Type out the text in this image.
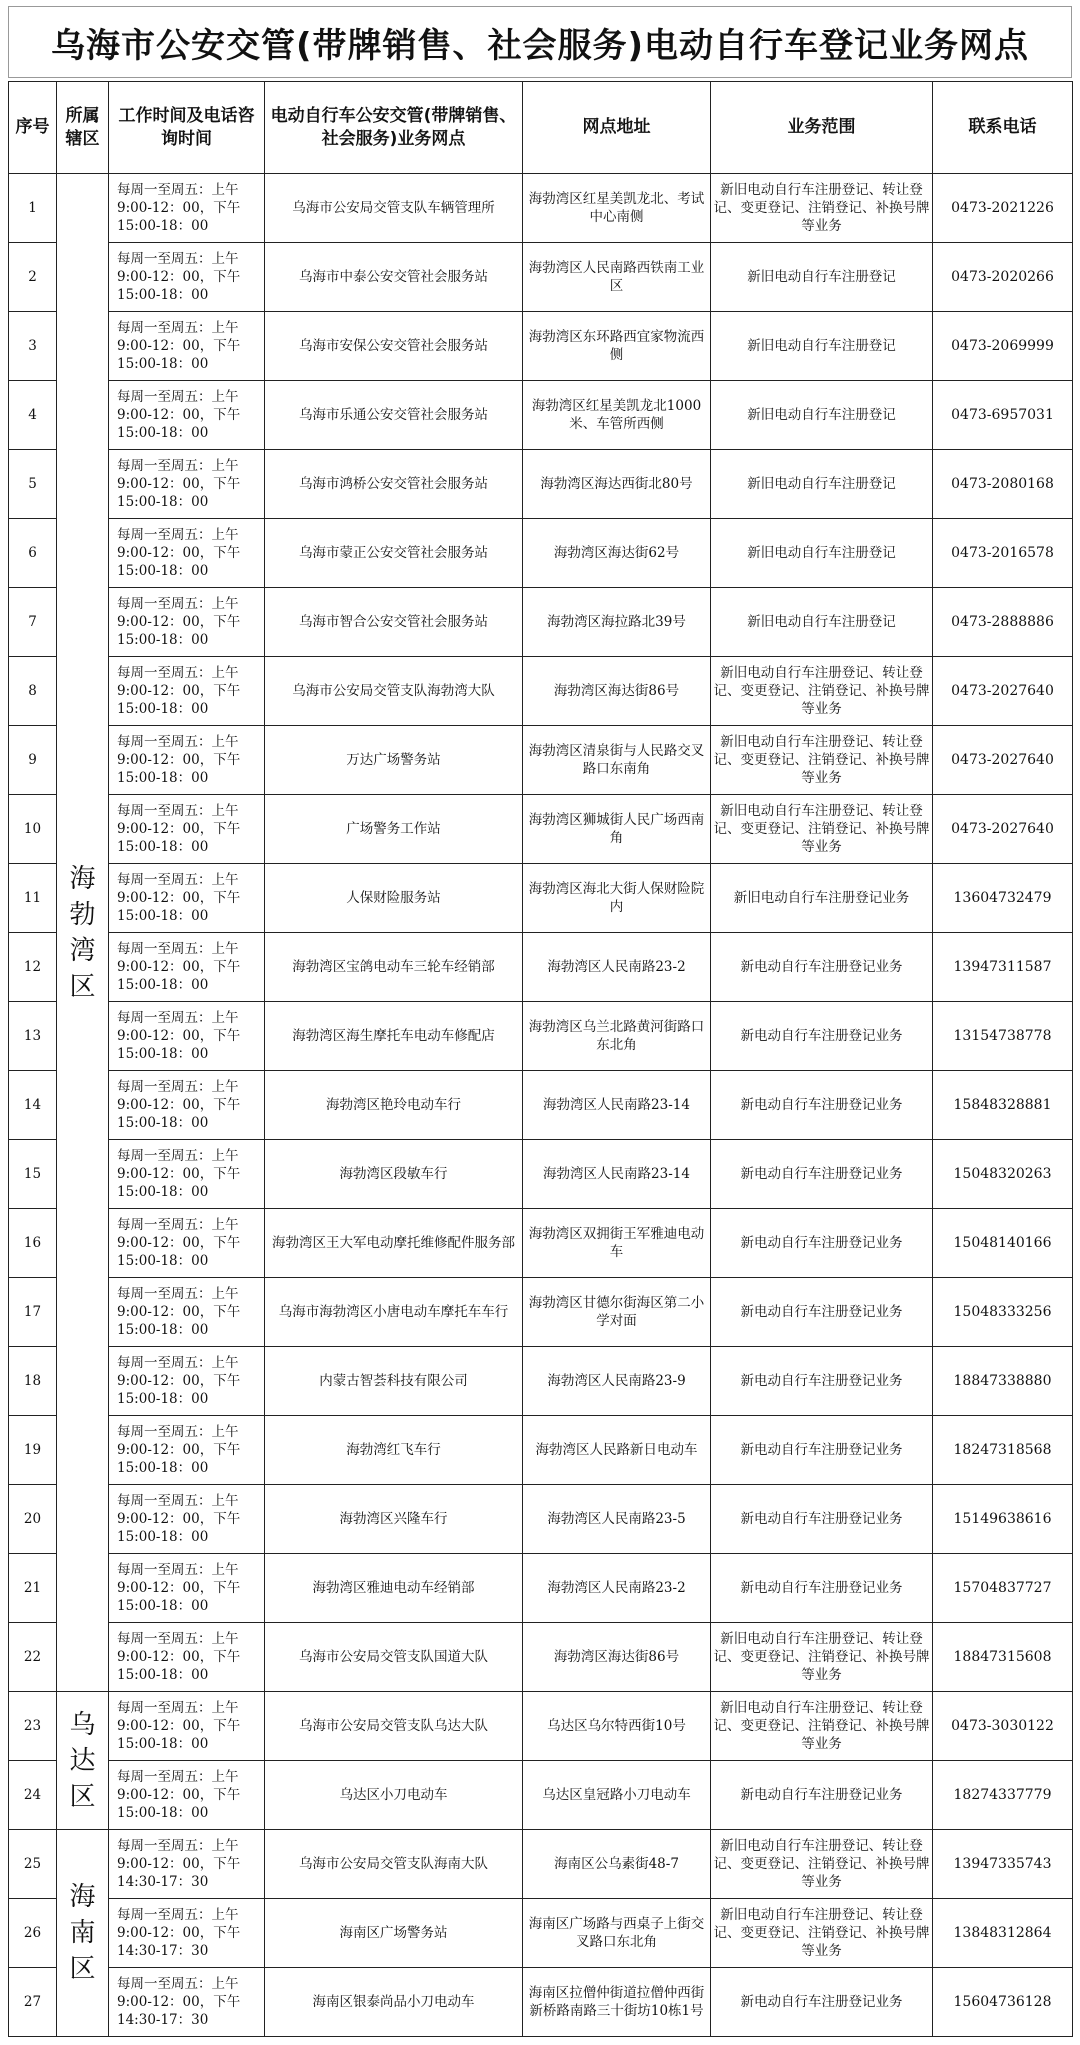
乌海市公安交管(带牌销售、社会服务)电动自行车登记业务网点
序号	所属辖区	工作时间及电话咨询时间	电动自行车公安交管(带牌销售、社会服务)业务网点	网点地址	业务范围	联系电话
1	海勃湾区	每周一至周五：上午9:00-12：00，下午15:00-18：00	乌海市公安局交管支队车辆管理所	海勃湾区红星美凯龙北、考试中心南侧	新旧电动自行车注册登记、转让登记、变更登记、注销登记、补换号牌等业务	0473-2021226
2		每周一至周五：上午9:00-12：00，下午15:00-18：00	乌海市中泰公安交管社会服务站	海勃湾区人民南路西铁南工业区	新旧电动自行车注册登记	0473-2020266
3		每周一至周五：上午9:00-12：00，下午15:00-18：00	乌海市安保公安交管社会服务站	海勃湾区东环路西宜家物流西侧	新旧电动自行车注册登记	0473-2069999
4		每周一至周五：上午9:00-12：00，下午15:00-18：00	乌海市乐通公安交管社会服务站	海勃湾区红星美凯龙北1000米、车管所西侧	新旧电动自行车注册登记	0473-6957031
5		每周一至周五：上午9:00-12：00，下午15:00-18：00	乌海市鸿桥公安交管社会服务站	海勃湾区海达西街北80号	新旧电动自行车注册登记	0473-2080168
6		每周一至周五：上午9:00-12：00，下午15:00-18：00	乌海市蒙正公安交管社会服务站	海勃湾区海达街62号	新旧电动自行车注册登记	0473-2016578
7		每周一至周五：上午9:00-12：00，下午15:00-18：00	乌海市智合公安交管社会服务站	海勃湾区海拉路北39号	新旧电动自行车注册登记	0473-2888886
8		每周一至周五：上午9:00-12：00，下午15:00-18：00	乌海市公安局交管支队海勃湾大队	海勃湾区海达街86号	新旧电动自行车注册登记、转让登记、变更登记、注销登记、补换号牌等业务	0473-2027640
9		每周一至周五：上午9:00-12：00，下午15:00-18：00	万达广场警务站	海勃湾区清泉街与人民路交叉路口东南角	新旧电动自行车注册登记、转让登记、变更登记、注销登记、补换号牌等业务	0473-2027640
10		每周一至周五：上午9:00-12：00，下午15:00-18：00	广场警务工作站	海勃湾区狮城街人民广场西南角	新旧电动自行车注册登记、转让登记、变更登记、注销登记、补换号牌等业务	0473-2027640
11		每周一至周五：上午9:00-12：00，下午15:00-18：00	人保财险服务站	海勃湾区海北大街人保财险院内	新旧电动自行车注册登记业务	13604732479
12		每周一至周五：上午9:00-12：00，下午15:00-18：00	海勃湾区宝鸽电动车三轮车经销部	海勃湾区人民南路23-2	新电动自行车注册登记业务	13947311587
13		每周一至周五：上午9:00-12：00，下午15:00-18：00	海勃湾区海生摩托车电动车修配店	海勃湾区乌兰北路黄河街路口东北角	新电动自行车注册登记业务	13154738778
14		每周一至周五：上午9:00-12：00，下午15:00-18：00	海勃湾区艳玲电动车行	海勃湾区人民南路23-14	新电动自行车注册登记业务	15848328881
15		每周一至周五：上午9:00-12：00，下午15:00-18：00	海勃湾区段敏车行	海勃湾区人民南路23-14	新电动自行车注册登记业务	15048320263
16		每周一至周五：上午9:00-12：00，下午15:00-18：00	海勃湾区王大军电动摩托维修配件服务部	海勃湾区双拥街王军雅迪电动车	新电动自行车注册登记业务	15048140166
17		每周一至周五：上午9:00-12：00，下午15:00-18：00	乌海市海勃湾区小唐电动车摩托车车行	海勃湾区甘德尔街海区第二小学对面	新电动自行车注册登记业务	15048333256
18		每周一至周五：上午9:00-12：00，下午15:00-18：00	内蒙古智荟科技有限公司	海勃湾区人民南路23-9	新电动自行车注册登记业务	18847338880
19		每周一至周五：上午9:00-12：00，下午15:00-18：00	海勃湾红飞车行	海勃湾区人民路新日电动车	新电动自行车注册登记业务	18247318568
20		每周一至周五：上午9:00-12：00，下午15:00-18：00	海勃湾区兴隆车行	海勃湾区人民南路23-5	新电动自行车注册登记业务	15149638616
21		每周一至周五：上午9:00-12：00，下午15:00-18：00	海勃湾区雅迪电动车经销部	海勃湾区人民南路23-2	新电动自行车注册登记业务	15704837727
22		每周一至周五：上午9:00-12：00，下午15:00-18：00	乌海市公安局交管支队国道大队	海勃湾区海达街86号	新旧电动自行车注册登记、转让登记、变更登记、注销登记、补换号牌等业务	18847315608
23	乌达区	每周一至周五：上午9:00-12：00，下午15:00-18：00	乌海市公安局交管支队乌达大队	乌达区乌尔特西街10号	新旧电动自行车注册登记、转让登记、变更登记、注销登记、补换号牌等业务	0473-3030122
24		每周一至周五：上午9:00-12：00，下午15:00-18：00	乌达区小刀电动车	乌达区皇冠路小刀电动车	新电动自行车注册登记业务	18274337779
25	海南区	每周一至周五：上午9:00-12：00，下午14:30-17：30	乌海市公安局交管支队海南大队	海南区公乌素街48-7	新旧电动自行车注册登记、转让登记、变更登记、注销登记、补换号牌等业务	13947335743
26		每周一至周五：上午9:00-12：00，下午14:30-17：30	海南区广场警务站	海南区广场路与西桌子上街交叉路口东北角	新旧电动自行车注册登记、转让登记、变更登记、注销登记、补换号牌等业务	13848312864
27		每周一至周五：上午9:00-12：00，下午14:30-17：30	海南区银泰尚品小刀电动车	海南区拉僧仲街道拉僧仲西街新桥路南路三十街坊10栋1号	新电动自行车注册登记业务	15604736128
